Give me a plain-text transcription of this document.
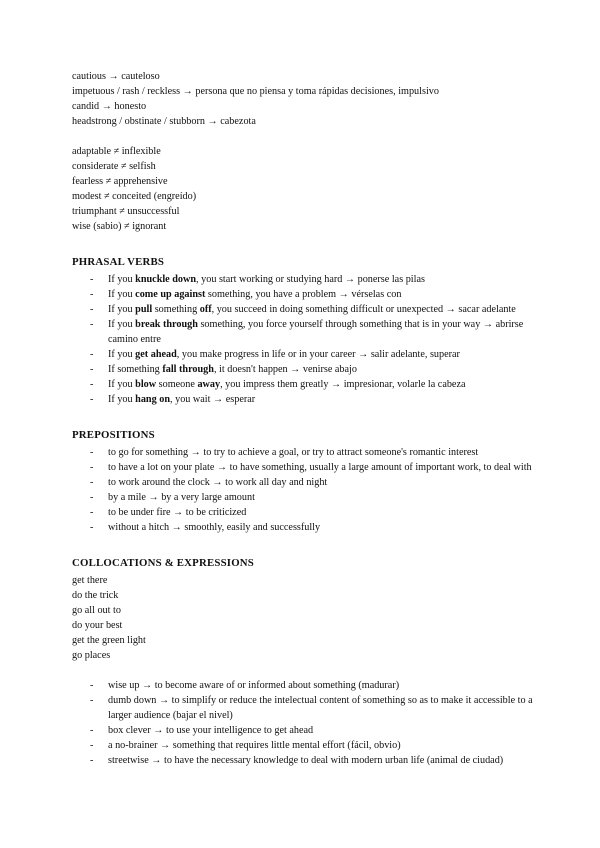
cautious → cauteloso
impetuous / rash / reckless → persona que no piensa y toma rápidas decisiones, impulsivo
candid → honesto
headstrong / obstinate / stubborn → cabezota
adaptable ≠ inflexible
considerate ≠ selfish
fearless ≠ apprehensive
modest ≠ conceited (engreído)
triumphant ≠ unsuccessful
wise (sabio) ≠ ignorant
PHRASAL VERBS
- If you knuckle down, you start working or studying hard → ponerse las pilas
- If you come up against something, you have a problem → vérselas con
- If you pull something off, you succeed in doing something difficult or unexpected → sacar adelante
- If you break through something, you force yourself through something that is in your way → abrirse camino entre
- If you get ahead, you make progress in life or in your career → salir adelante, superar
- If something fall through, it doesn't happen → venirse abajo
- If you blow someone away, you impress them greatly → impresionar, volarle la cabeza
- If you hang on, you wait → esperar
PREPOSITIONS
- to go for something → to try to achieve a goal, or try to attract someone's romantic interest
- to have a lot on your plate → to have something, usually a large amount of important work, to deal with
- to work around the clock → to work all day and night
- by a mile → by a very large amount
- to be under fire → to be criticized
- without a hitch → smoothly, easily and successfully
COLLOCATIONS & EXPRESSIONS
get there
do the trick
go all out to
do your best
get the green light
go places
- wise up → to become aware of or informed about something (madurar)
- dumb down → to simplify or reduce the intelectual content of something so as to make it accessible to a larger audience (bajar el nivel)
- box clever → to use your intelligence to get ahead
- a no-brainer → something that requires little mental effort (fácil, obvio)
- streetwise → to have the necessary knowledge to deal with modern urban life (animal de ciudad)
